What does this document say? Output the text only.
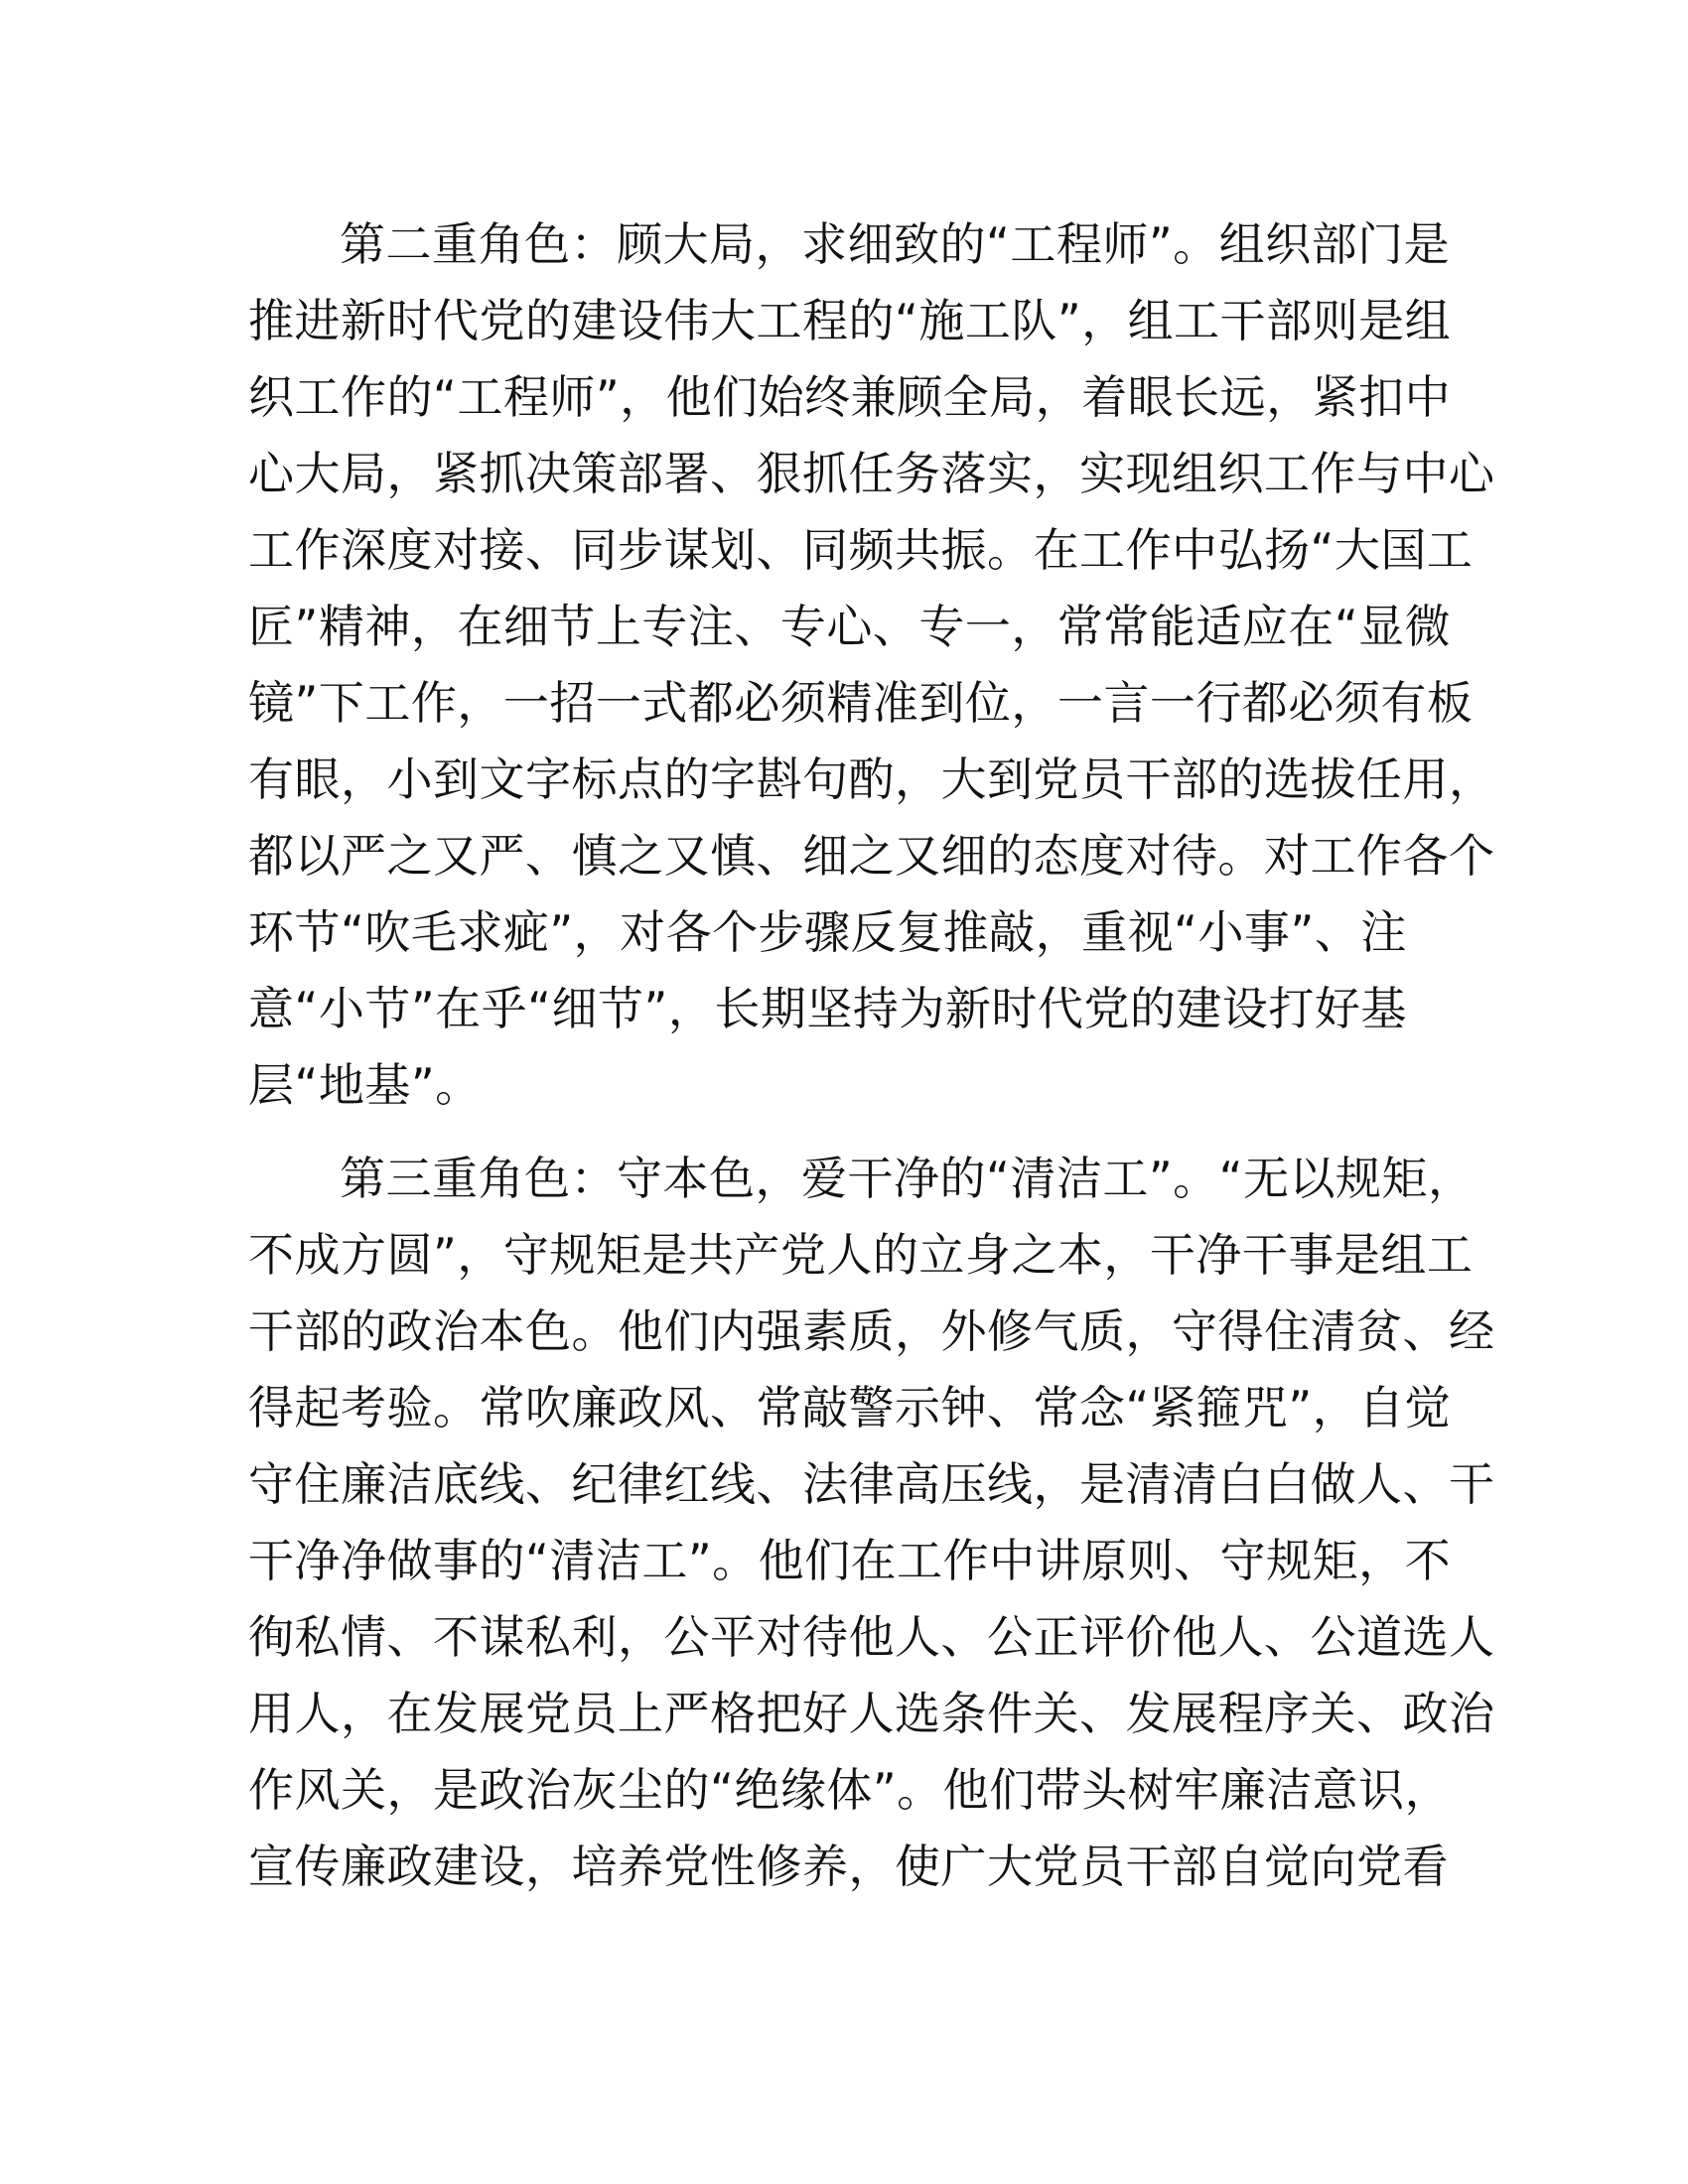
第二重角色：顾大局，求细致的“工程师”。组织部门是
推进新时代党的建设伟大工程的“施工队”，组工干部则是组
织工作的“工程师”，他们始终兼顾全局，着眼长远，紧扣中
心大局，紧抓决策部署、狠抓任务落实，实现组织工作与中心
工作深度对接、同步谋划、同频共振。在工作中弘扬“大国工
匠”精神，在细节上专注、专心、专一，常常能适应在“显微
镜”下工作，一招一式都必须精准到位，一言一行都必须有板
有眼，小到文字标点的字斟句酌，大到党员干部的选拔任用，
都以严之又严、慎之又慎、细之又细的态度对待。对工作各个
环节“吹毛求疵”，对各个步骤反复推敲，重视“小事”、注
意“小节”在乎“细节”，长期坚持为新时代党的建设打好基
层“地基”。

第三重角色：守本色，爱干净的“清洁工”。“无以规矩，
不成方圆”，守规矩是共产党人的立身之本，干净干事是组工
干部的政治本色。他们内强素质，外修气质，守得住清贫、经
得起考验。常吹廉政风、常敲警示钟、常念“紧箍咒”，自觉
守住廉洁底线、纪律红线、法律高压线，是清清白白做人、干
干净净做事的“清洁工”。他们在工作中讲原则、守规矩，不
徇私情、不谋私利，公平对待他人、公正评价他人、公道选人
用人，在发展党员上严格把好人选条件关、发展程序关、政治
作风关，是政治灰尘的“绝缘体”。他们带头树牢廉洁意识，
宣传廉政建设，培养党性修养，使广大党员干部自觉向党看
